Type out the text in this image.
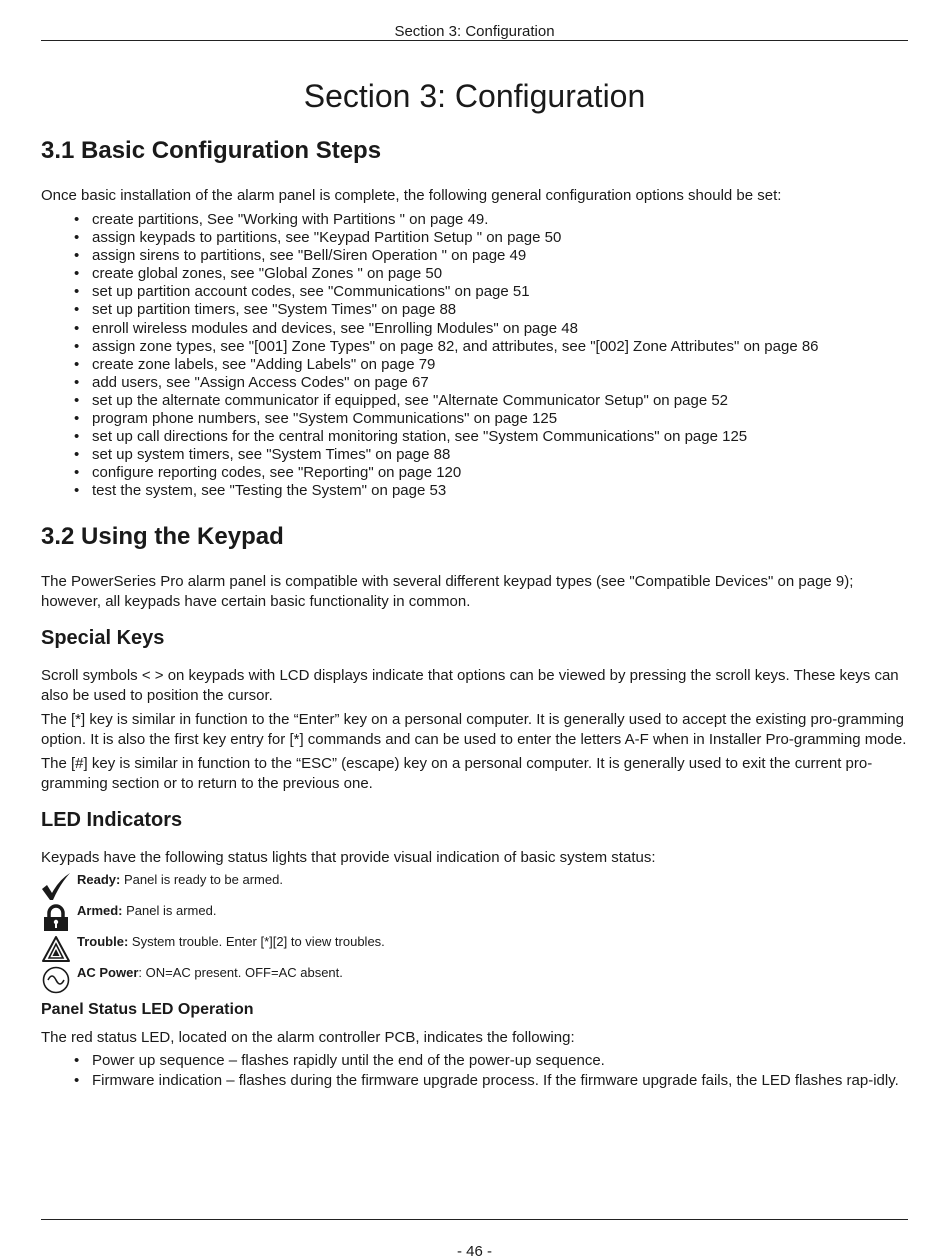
Section 3: Configuration
Section 3: Configuration
3.1 Basic Configuration Steps

Once basic installation of the alarm panel is complete, the following general configuration options should be set:

• create partitions, See "Working with Partitions " on page 49.
• assign keypads to partitions, see "Keypad Partition Setup " on page 50
• assign sirens to partitions, see "Bell/Siren Operation " on page 49
• create global zones, see "Global Zones " on page 50
• set up partition account codes, see "Communications" on page 51
• set up partition timers, see "System Times" on page 88
• enroll wireless modules and devices, see "Enrolling Modules" on page 48
• assign zone types, see "[001] Zone Types" on page 82, and attributes, see "[002] Zone Attributes" on page 86
• create zone labels, see "Adding Labels" on page 79
• add users, see "Assign Access Codes" on page 67
• set up the alternate communicator if equipped, see "Alternate Communicator Setup" on page 52
• program phone numbers, see "System Communications" on page 125
• set up call directions for the central monitoring station, see "System Communications" on page 125
• set up system timers, see "System Times" on page 88
• configure reporting codes, see "Reporting" on page 120
• test the system, see "Testing the System" on page 53
3.2 Using the Keypad

The PowerSeries Pro alarm panel is compatible with several different keypad types (see "Compatible Devices" on page 9); however, all keypads have certain basic functionality in common.

Special Keys

Scroll symbols < > on keypads with LCD displays indicate that options can be viewed by pressing the scroll keys. These keys can also be used to position the cursor.

The [*] key is similar in function to the “Enter” key on a personal computer. It is generally used to accept the existing pro-gramming option. It is also the first key entry for [*] commands and can be used to enter the letters A-F when in Installer Pro-gramming mode.

The [#] key is similar in function to the “ESC” (escape) key on a personal computer. It is generally used to exit the current pro-gramming section or to return to the previous one.

LED Indicators

Keypads have the following status lights that provide visual indication of basic system status:

Ready: Panel is ready to be armed.
Armed: Panel is armed.
Trouble: System trouble. Enter [*][2] to view troubles.
AC Power: ON=AC present. OFF=AC absent.
Panel Status LED Operation

The red status LED, located on the alarm controller PCB, indicates the following:

• Power up sequence – flashes rapidly until the end of the power-up sequence.
• Firmware indication – flashes during the firmware upgrade process. If the firmware upgrade fails, the LED flashes rap-idly.
- 46 -
